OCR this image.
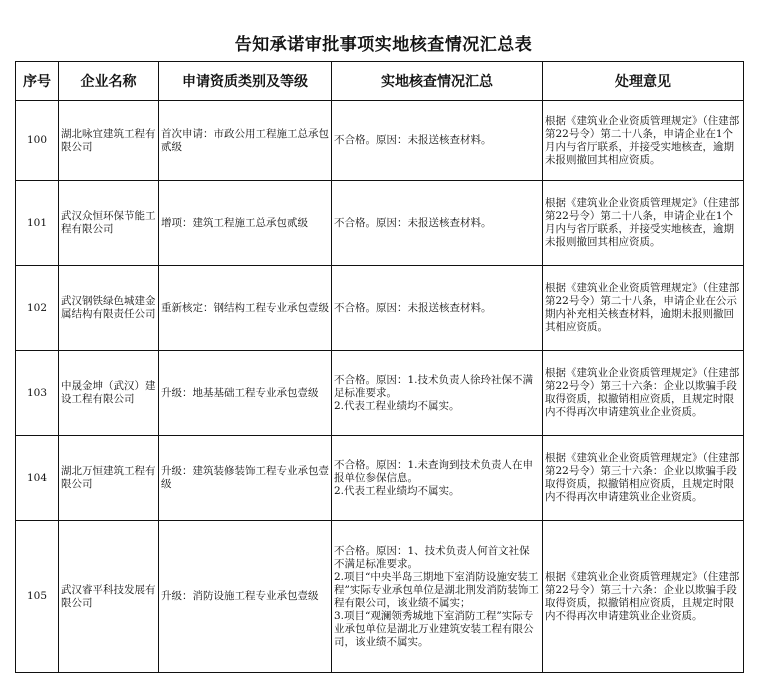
告知承诺审批事项实地核查情况汇总表
序号	企业名称	申请资质类别及等级	实地核查情况汇总	处理意见
100	湖北咏宜建筑工程有限公司	首次申请：市政公用工程施工总承包贰级	不合格。原因：未报送核查材料。	根据《建筑业企业资质管理规定》（住建部第22号令）第二十八条，申请企业在1个月内与省厅联系，并接受实地核查，逾期未报则撤回其相应资质。
101	武汉众恒环保节能工程有限公司	增项：建筑工程施工总承包贰级	不合格。原因：未报送核查材料。	根据《建筑业企业资质管理规定》（住建部第22号令）第二十八条，申请企业在1个月内与省厅联系，并接受实地核查，逾期未报则撤回其相应资质。
102	武汉钢铁绿色城建金属结构有限责任公司	重新核定：钢结构工程专业承包壹级	不合格。原因：未报送核查材料。	根据《建筑业企业资质管理规定》（住建部第22号令）第二十八条，申请企业在公示期内补充相关核查材料，逾期未报则撤回其相应资质。
103	中晟金坤（武汉）建设工程有限公司	升级：地基基础工程专业承包壹级	不合格。原因：1.技术负责人徐玲社保不满足标准要求。
2.代表工程业绩均不属实。	根据《建筑业企业资质管理规定》（住建部第22号令）第三十六条：企业以欺骗手段取得资质，拟撤销相应资质，且规定时限内不得再次申请建筑业企业资质。
104	湖北万恒建筑工程有限公司	升级：建筑装修装饰工程专业承包壹级	不合格。原因：1.未查询到技术负责人在申报单位参保信息。
2.代表工程业绩均不属实。	根据《建筑业企业资质管理规定》（住建部第22号令）第三十六条：企业以欺骗手段取得资质，拟撤销相应资质，且规定时限内不得再次申请建筑业企业资质。
105	武汉睿平科技发展有限公司	升级：消防设施工程专业承包壹级	不合格。原因：1、技术负责人何首文社保不满足标准要求。
2.项目“中央半岛三期地下室消防设施安装工程”实际专业承包单位是湖北荆发消防装饰工程有限公司，该业绩不属实；
3.项目“观澜领秀城地下室消防工程”实际专业承包单位是湖北万业建筑安装工程有限公司，该业绩不属实。	根据《建筑业企业资质管理规定》（住建部第22号令）第三十六条：企业以欺骗手段取得资质，拟撤销相应资质，且规定时限内不得再次申请建筑业企业资质。
